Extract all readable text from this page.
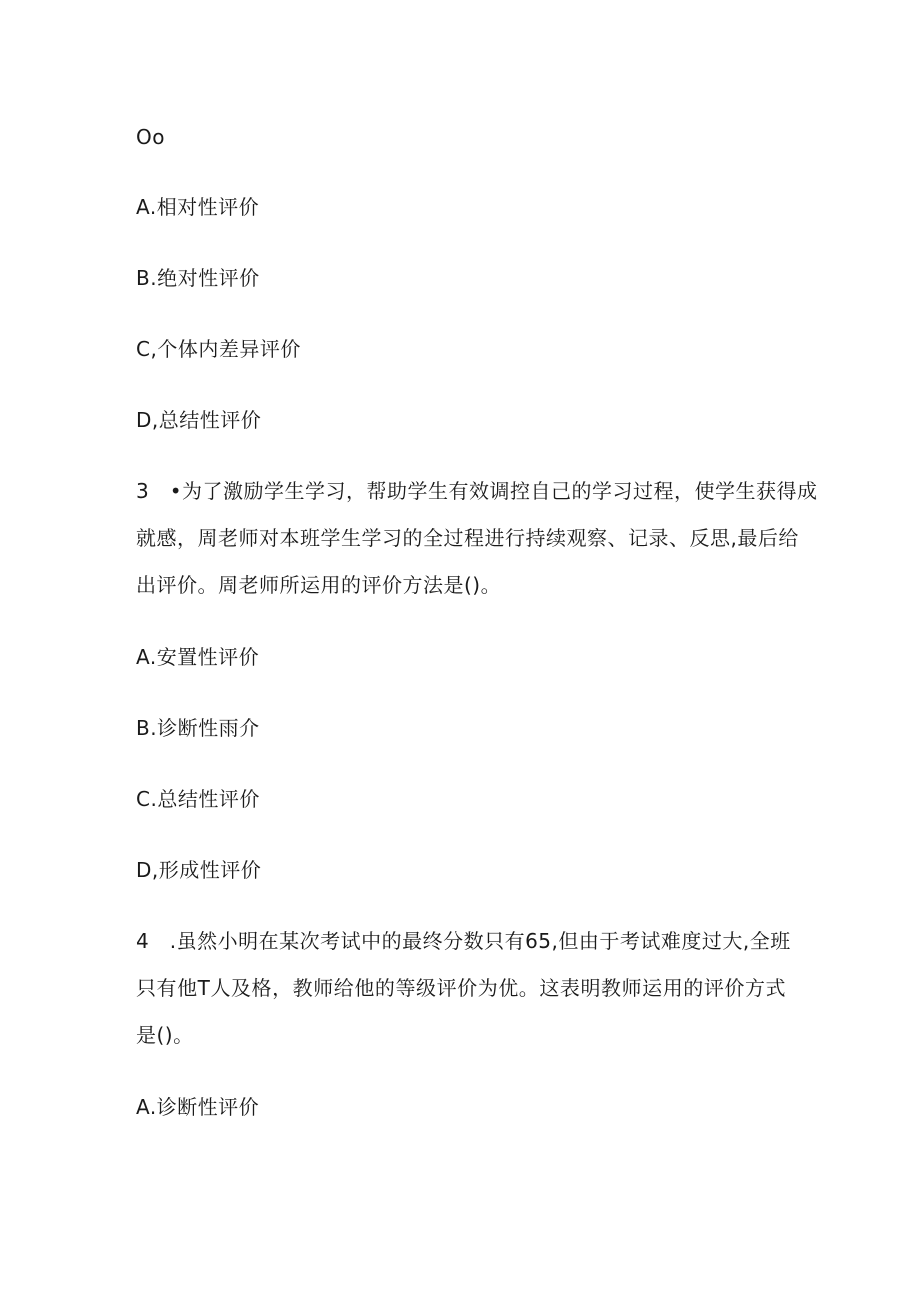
Oo
A.相对性评价
B.绝对性评价
C,个体内差异评价
D,总结性评价
3　•为了激励学生学习，帮助学生有效调控自己的学习过程，使学生获得成
就感，周老师对本班学生学习的全过程进行持续观察、记录、反思,最后给
出评价。周老师所运用的评价方法是()。
A.安置性评价
B.诊断性雨介
C.总结性评价
D,形成性评价
4　.虽然小明在某次考试中的最终分数只有65,但由于考试难度过大,全班
只有他T人及格，教师给他的等级评价为优。这表明教师运用的评价方式
是()。
A.诊断性评价
